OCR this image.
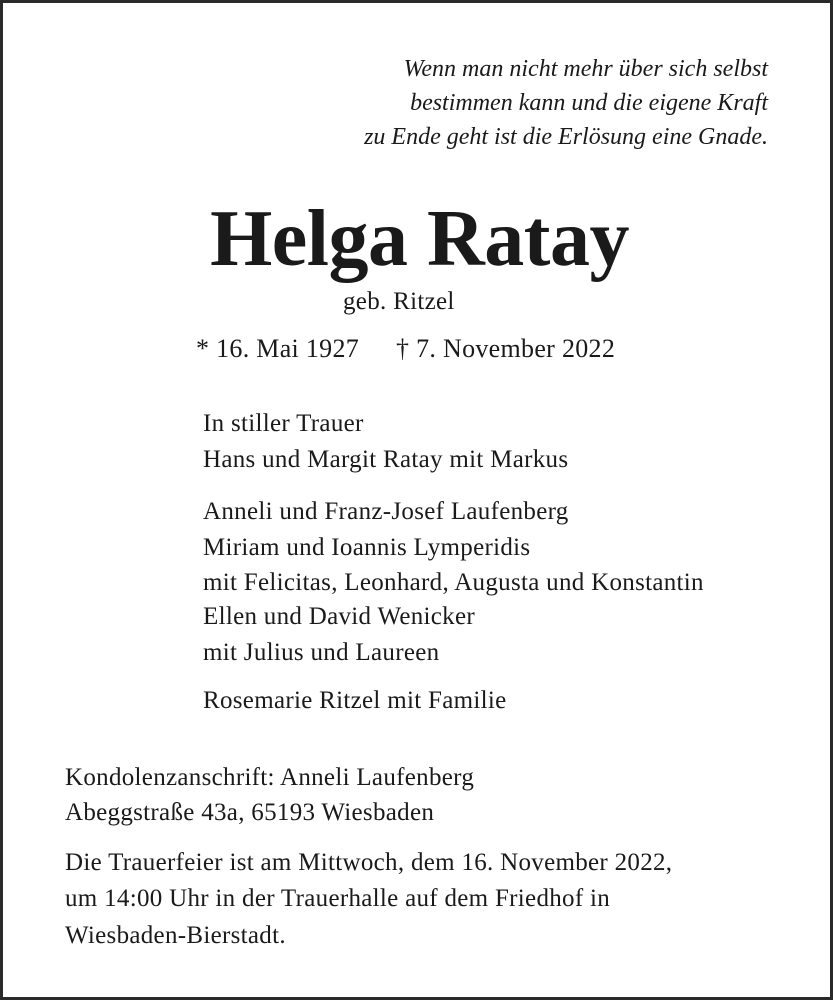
Wenn man nicht mehr über sich selbst
bestimmen kann und die eigene Kraft
zu Ende geht ist die Erlösung eine Gnade.
Helga Ratay
geb. Ritzel
* 16. Mai 1927 † 7. November 2022
In stiller Trauer
Hans und Margit Ratay mit Markus
Anneli und Franz-Josef Laufenberg
Miriam und Ioannis Lymperidis
mit Felicitas, Leonhard, Augusta und Konstantin
Ellen und David Wenicker
mit Julius und Laureen
Rosemarie Ritzel mit Familie
Kondolenzanschrift: Anneli Laufenberg
Abeggstraße 43a, 65193 Wiesbaden
Die Trauerfeier ist am Mittwoch, dem 16. November 2022,
um 14:00 Uhr in der Trauerhalle auf dem Friedhof in
Wiesbaden-Bierstadt.
